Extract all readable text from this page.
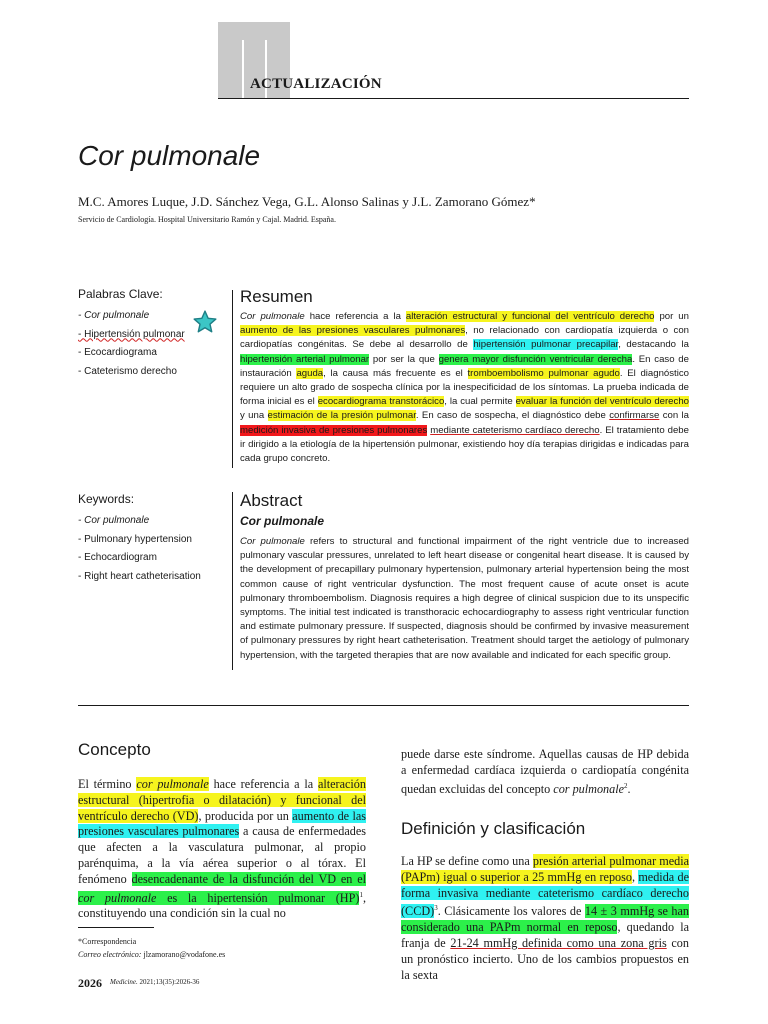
ACTUALIZACIÓN
Cor pulmonale
M.C. Amores Luque, J.D. Sánchez Vega, G.L. Alonso Salinas y J.L. Zamorano Gómez*
Servicio de Cardiología. Hospital Universitario Ramón y Cajal. Madrid. España.
Palabras Clave:
- Cor pulmonale
- Hipertensión pulmonar
- Ecocardiograma
- Cateterismo derecho
Resumen

Cor pulmonale hace referencia a la alteración estructural y funcional del ventrículo derecho por un aumento de las presiones vasculares pulmonares, no relacionado con cardiopatía izquierda o con cardiopatías congénitas. Se debe al desarrollo de hipertensión pulmonar precapilar, destacando la hipertensión arterial pulmonar por ser la que genera mayor disfunción ventricular derecha. En caso de instauración aguda, la causa más frecuente es el tromboembolismo pulmonar agudo. El diagnóstico requiere un alto grado de sospecha clínica por la inespecificidad de los síntomas. La prueba indicada de forma inicial es el ecocardiograma transtorácico, la cual permite evaluar la función del ventrículo derecho y una estimación de la presión pulmonar. En caso de sospecha, el diagnóstico debe confirmarse con la medición invasiva de presiones pulmonares mediante cateterismo cardíaco derecho. El tratamiento debe ir dirigido a la etiología de la hipertensión pulmonar, existiendo hoy día terapias dirigidas e indicadas para cada grupo concreto.

Keywords:
- Cor pulmonale
- Pulmonary hypertension
- Echocardiogram
- Right heart catheterisation
Abstract
Cor pulmonale

Cor pulmonale refers to structural and functional impairment of the right ventricle due to increased pulmonary vascular pressures, unrelated to left heart disease or congenital heart disease. It is caused by the development of precapillary pulmonary hypertension, pulmonary arterial hypertension being the most common cause of right ventricular dysfunction. The most frequent cause of acute onset is acute pulmonary thromboembolism. Diagnosis requires a high degree of clinical suspicion due to its unspecific symptoms. The initial test indicated is transthoracic echocardiography to assess right ventricular function and estimate pulmonary pressure. If suspected, diagnosis should be confirmed by invasive measurement of pulmonary pressures by right heart catheterisation. Treatment should target the aetiology of pulmonary hypertension, with the targeted therapies that are now available and indicated for each specific group.

Concepto

El término cor pulmonale hace referencia a la alteración estructural (hipertrofia o dilatación) y funcional del ventrículo derecho (VD), producida por un aumento de las presiones vasculares pulmonares a causa de enfermedades que afecten a la vasculatura pulmonar, al propio parénquima, a la vía aérea superior o al tórax. El fenómeno desencadenante de la disfunción del VD en el cor pulmonale es la hipertensión pulmonar (HP)$^1$, constituyendo una condición sin la cual no

puede darse este síndrome. Aquellas causas de HP debida a enfermedad cardíaca izquierda o cardiopatía congénita quedan excluidas del concepto cor pulmonale$^2$.

Definición y clasificación

La HP se define como una presión arterial pulmonar media (PAPm) igual o superior a 25 mmHg en reposo, medida de forma invasiva mediante cateterismo cardíaco derecho (CCD)$^3$. Clásicamente los valores de 14 ± 3 mmHg se han considerado una PAPm normal en reposo, quedando la franja de 21-24 mmHg definida como una zona gris con un pronóstico incierto. Uno de los cambios propuestos en la sexta

*Correspondencia
Correo electrónico: jlzamorano@vodafone.es
2026 Medicine. 2021;13(35):2026-36
